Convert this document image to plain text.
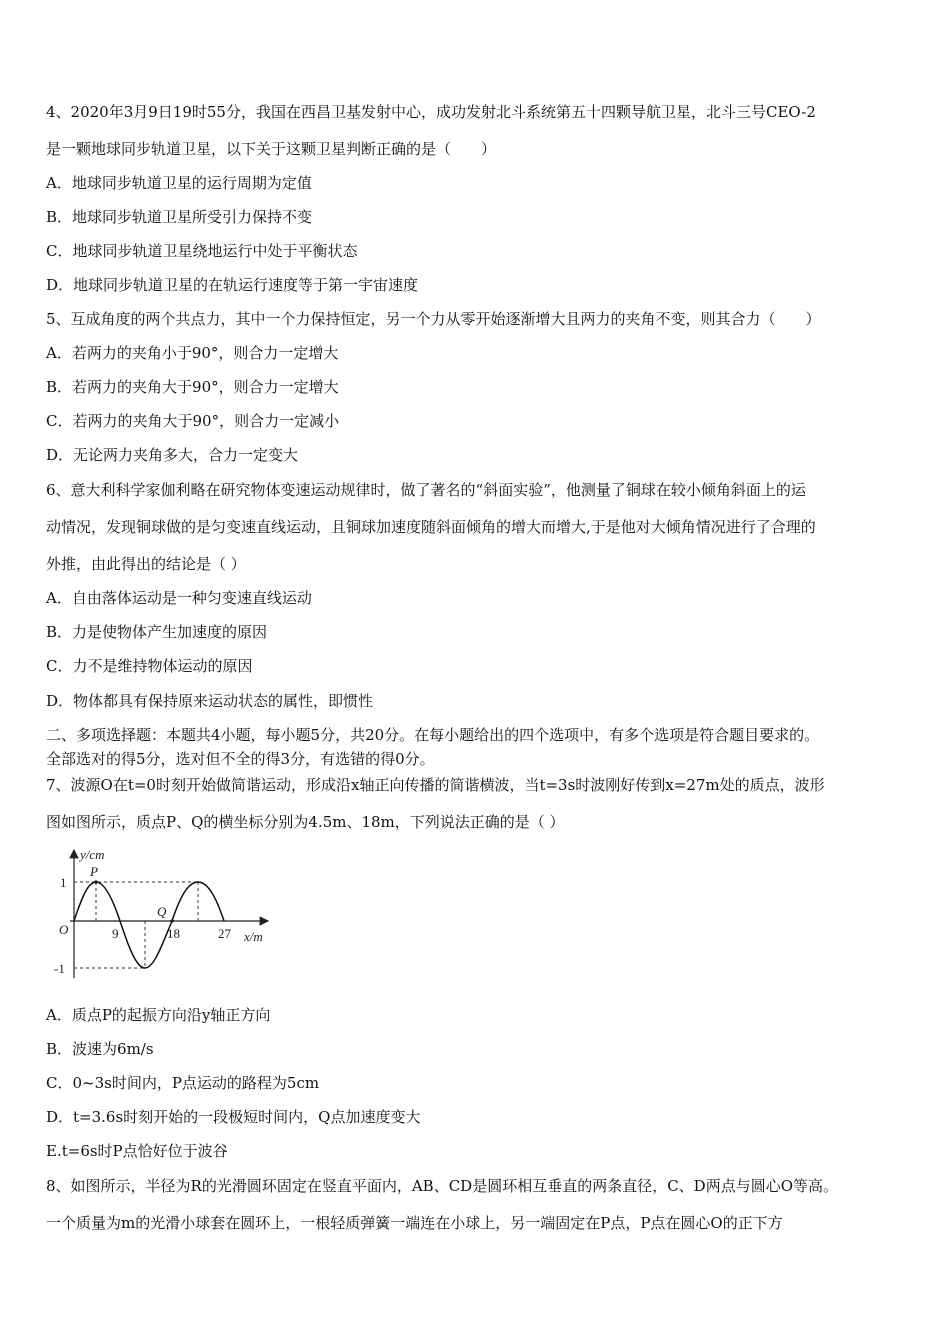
4、2020年3月9日19时55分，我国在西昌卫基发射中心，成功发射北斗系统第五十四颗导航卫星，北斗三号CEO-2
是一颗地球同步轨道卫星，以下关于这颗卫星判断正确的是（　　）
A．地球同步轨道卫星的运行周期为定值
B．地球同步轨道卫星所受引力保持不变
C．地球同步轨道卫星绕地运行中处于平衡状态
D．地球同步轨道卫星的在轨运行速度等于第一宇宙速度
5、互成角度的两个共点力，其中一个力保持恒定，另一个力从零开始逐渐增大且两力的夹角不变，则其合力（　　）
A．若两力的夹角小于90°，则合力一定增大
B．若两力的夹角大于90°，则合力一定增大
C．若两力的夹角大于90°，则合力一定减小
D．无论两力夹角多大，合力一定变大
6、意大利科学家伽利略在研究物体变速运动规律时，做了著名的“斜面实验”，他测量了铜球在较小倾角斜面上的运
动情况，发现铜球做的是匀变速直线运动，且铜球加速度随斜面倾角的增大而增大,于是他对大倾角情况进行了合理的
外推，由此得出的结论是（ ）
A．自由落体运动是一种匀变速直线运动
B．力是使物体产生加速度的原因
C．力不是维持物体运动的原因
D．物体都具有保持原来运动状态的属性，即惯性
二、多项选择题：本题共4小题，每小题5分，共20分。在每小题给出的四个选项中，有多个选项是符合题目要求的。
全部选对的得5分，选对但不全的得3分，有选错的得0分。
7、波源O在t=0时刻开始做简谐运动，形成沿x轴正向传播的简谐横波，当t=3s时波刚好传到x=27m处的质点，波形
图如图所示，质点P、Q的横坐标分别为4.5m、18m，下列说法正确的是（ ）
y/cm
x/m
O
1
-1
9	18	27
P
Q
A．质点P的起振方向沿y轴正方向
B．波速为6m/s
C．0~3s时间内，P点运动的路程为5cm
D．t=3.6s时刻开始的一段极短时间内，Q点加速度变大
E.t=6s时P点恰好位于波谷
8、如图所示，半径为R的光滑圆环固定在竖直平面内，AB、CD是圆环相互垂直的两条直径，C、D两点与圆心O等高。
一个质量为m的光滑小球套在圆环上，一根轻质弹簧一端连在小球上，另一端固定在P点，P点在圆心O的正下方
